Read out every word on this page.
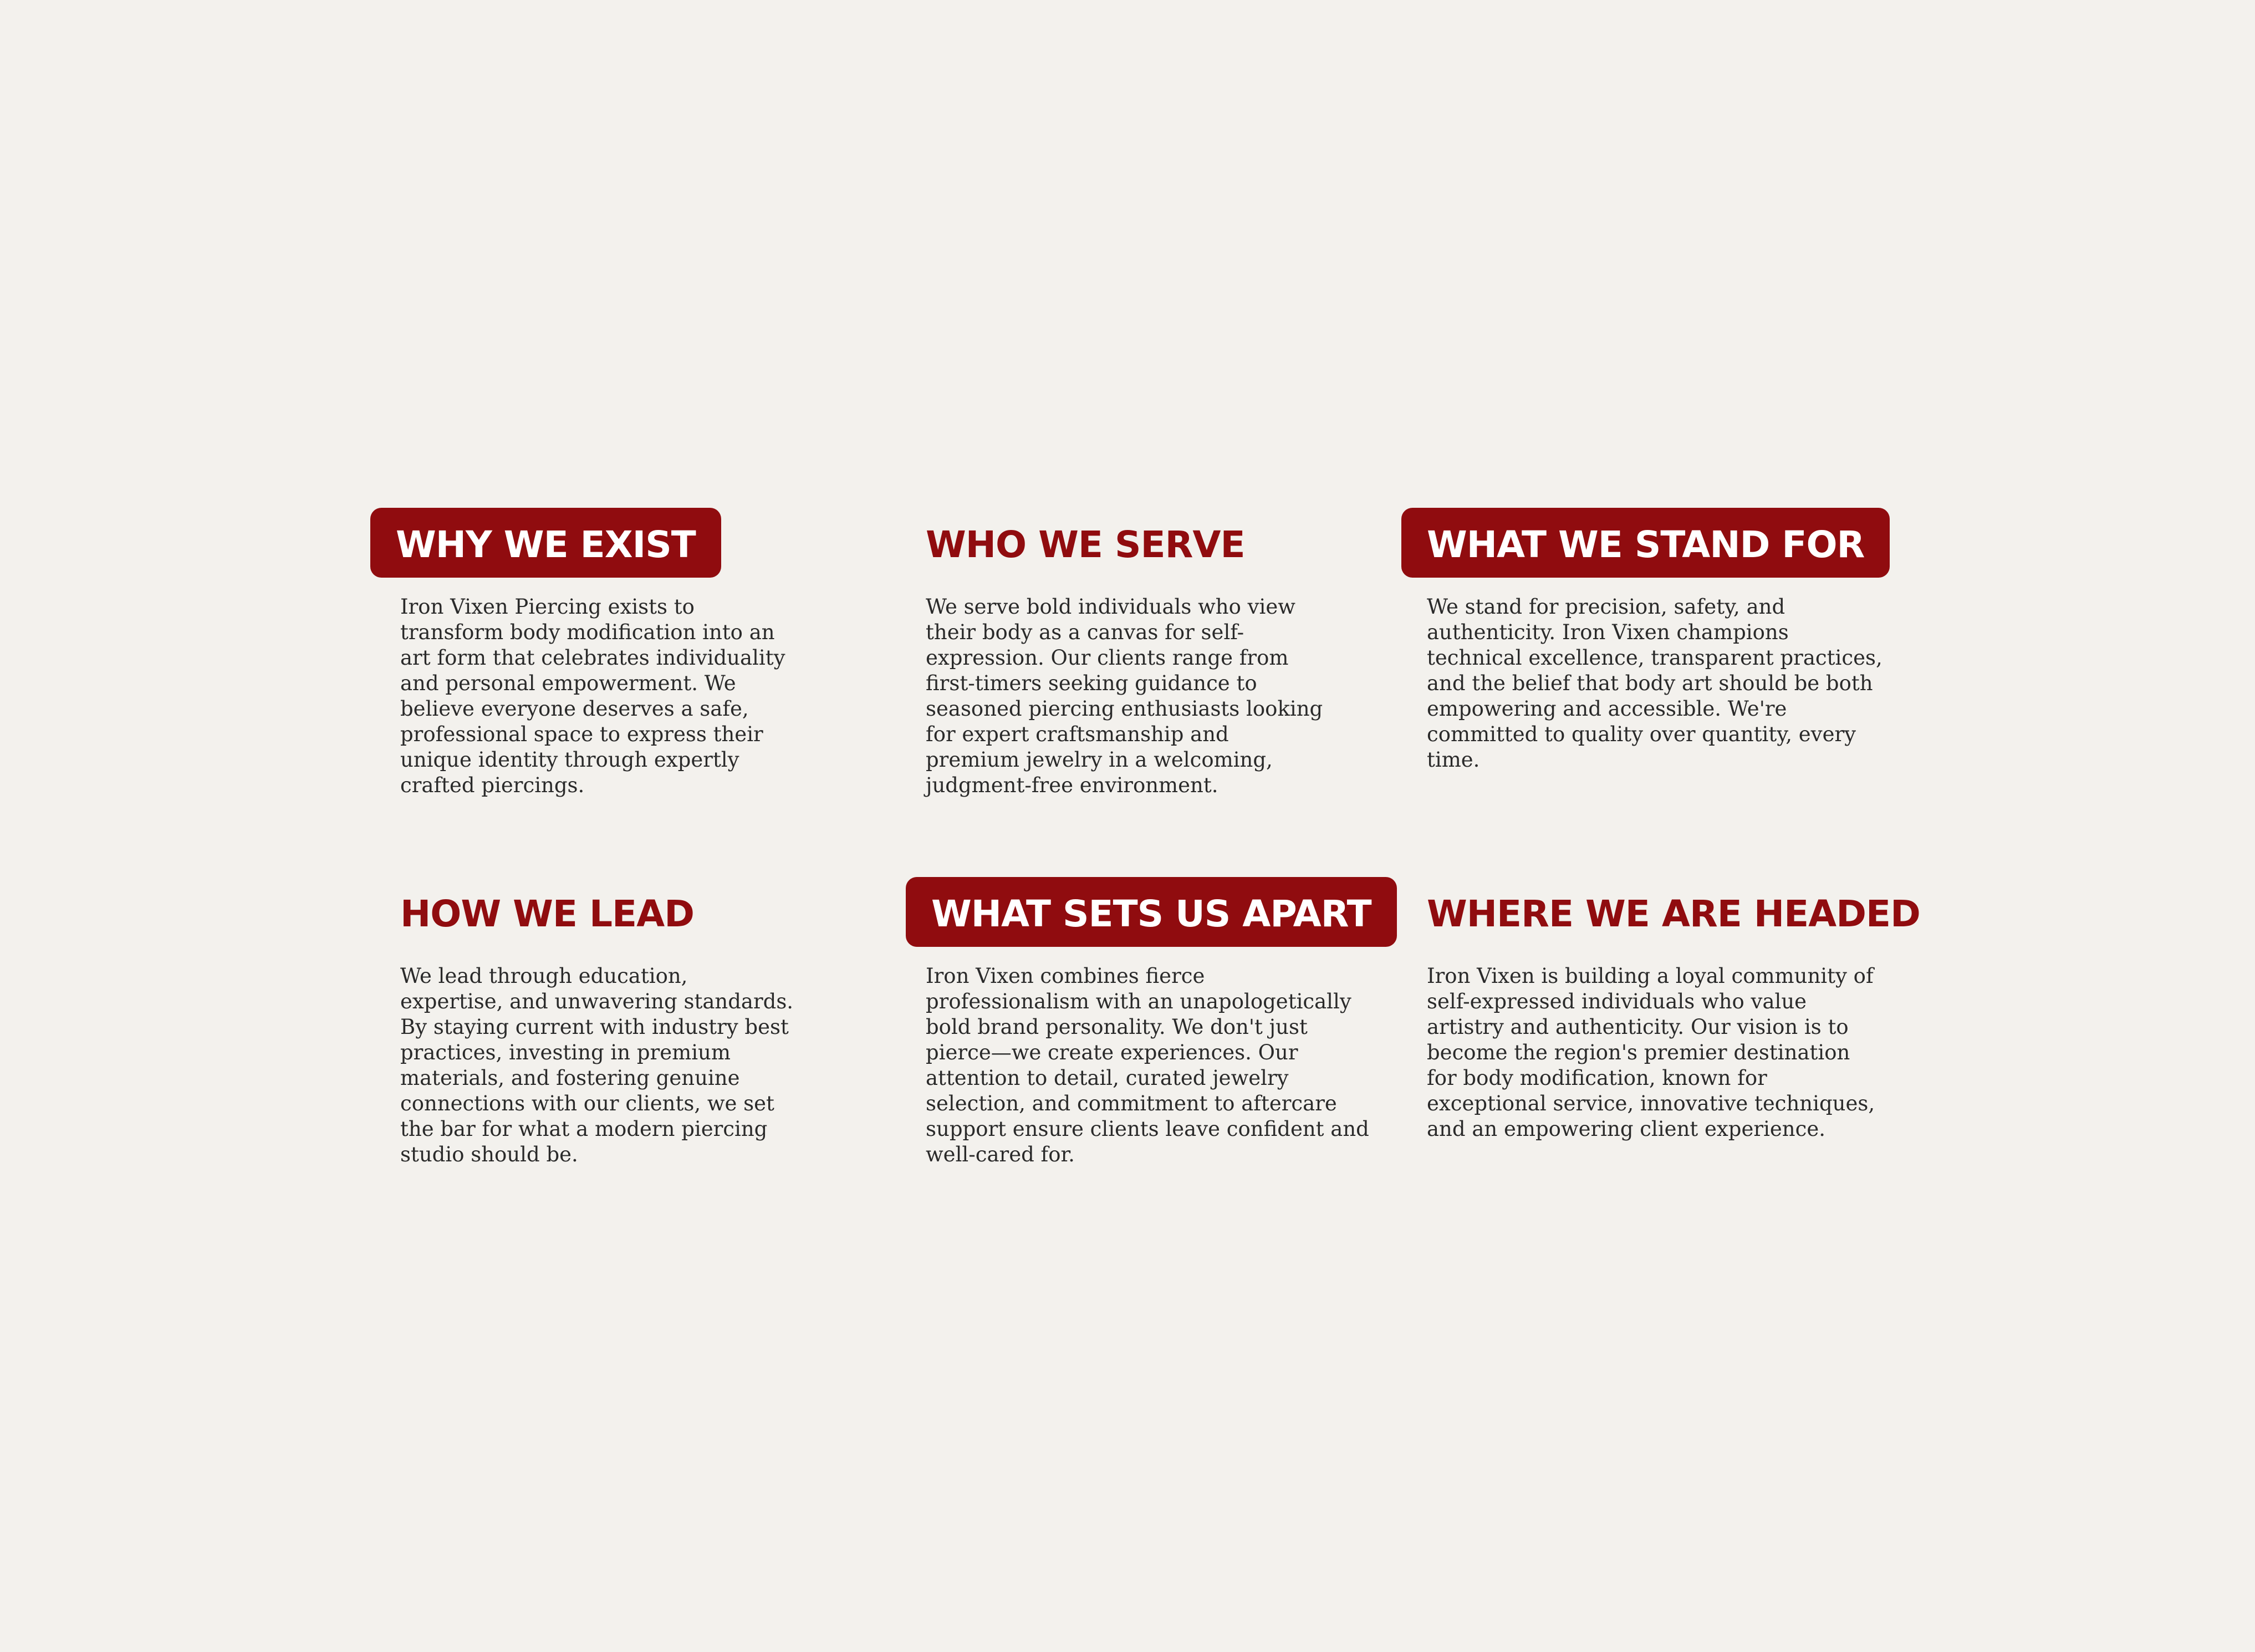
WHY WE EXIST

Iron Vixen Piercing exists to transform body modification into an art form that celebrates individuality and personal empowerment. We believe everyone deserves a safe, professional space to express their unique identity through expertly crafted piercings.

WHO WE SERVE

We serve bold individuals who view their body as a canvas for self-expression. Our clients range from first-timers seeking guidance to seasoned piercing enthusiasts looking for expert craftsmanship and premium jewelry in a welcoming, judgment-free environment.

WHAT WE STAND FOR

We stand for precision, safety, and authenticity. Iron Vixen champions technical excellence, transparent practices, and the belief that body art should be both empowering and accessible. We're committed to quality over quantity, every time.

HOW WE LEAD

We lead through education, expertise, and unwavering standards. By staying current with industry best practices, investing in premium materials, and fostering genuine connections with our clients, we set the bar for what a modern piercing studio should be.

WHAT SETS US APART

Iron Vixen combines fierce professionalism with an unapologetically bold brand personality. We don't just pierce—we create experiences. Our attention to detail, curated jewelry selection, and commitment to aftercare support ensure clients leave confident and well-cared for.

WHERE WE ARE HEADED

Iron Vixen is building a loyal community of self-expressed individuals who value artistry and authenticity. Our vision is to become the region's premier destination for body modification, known for exceptional service, innovative techniques, and an empowering client experience.
